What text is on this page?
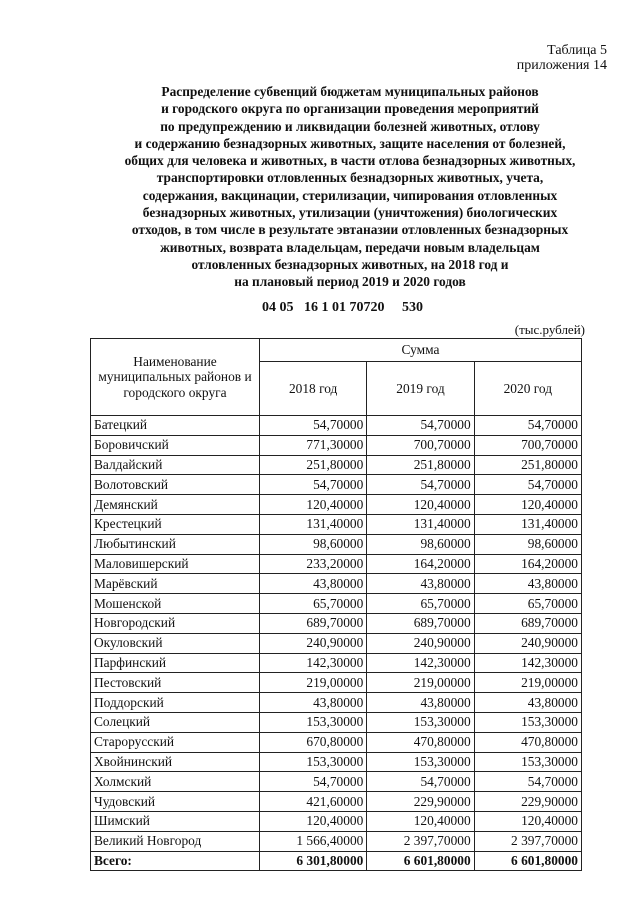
Таблица 5
приложения 14
Распределение субвенций бюджетам муниципальных районов
и городского округа по организации проведения мероприятий
по предупреждению и ликвидации болезней животных, отлову
и содержанию безнадзорных животных, защите населения от болезней,
общих для человека и животных, в части отлова безнадзорных животных,
транспортировки отловленных безнадзорных животных, учета,
содержания, вакцинации, стерилизации, чипирования отловленных
безнадзорных животных, утилизации (уничтожения) биологических
отходов, в том числе в результате эвтаназии отловленных безнадзорных
животных, возврата владельцам, передачи новым владельцам
отловленных безнадзорных животных, на 2018 год и
на плановый период 2019 и 2020 годов
04 05   16 1 01 70720     530
(тыс.рублей)
Наименование муниципальных районов и городского округа	Сумма		
	2018 год	2019 год	2020 год
Батецкий	54,70000	54,70000	54,70000
Боровичский	771,30000	700,70000	700,70000
Валдайский	251,80000	251,80000	251,80000
Волотовский	54,70000	54,70000	54,70000
Демянский	120,40000	120,40000	120,40000
Крестецкий	131,40000	131,40000	131,40000
Любытинский	98,60000	98,60000	98,60000
Маловишерский	233,20000	164,20000	164,20000
Марёвский	43,80000	43,80000	43,80000
Мошенской	65,70000	65,70000	65,70000
Новгородский	689,70000	689,70000	689,70000
Окуловский	240,90000	240,90000	240,90000
Парфинский	142,30000	142,30000	142,30000
Пестовский	219,00000	219,00000	219,00000
Поддорский	43,80000	43,80000	43,80000
Солецкий	153,30000	153,30000	153,30000
Старорусский	670,80000	470,80000	470,80000
Хвойнинский	153,30000	153,30000	153,30000
Холмский	54,70000	54,70000	54,70000
Чудовский	421,60000	229,90000	229,90000
Шимский	120,40000	120,40000	120,40000
Великий Новгород	1 566,40000	2 397,70000	2 397,70000
Всего:	6 301,80000	6 601,80000	6 601,80000
